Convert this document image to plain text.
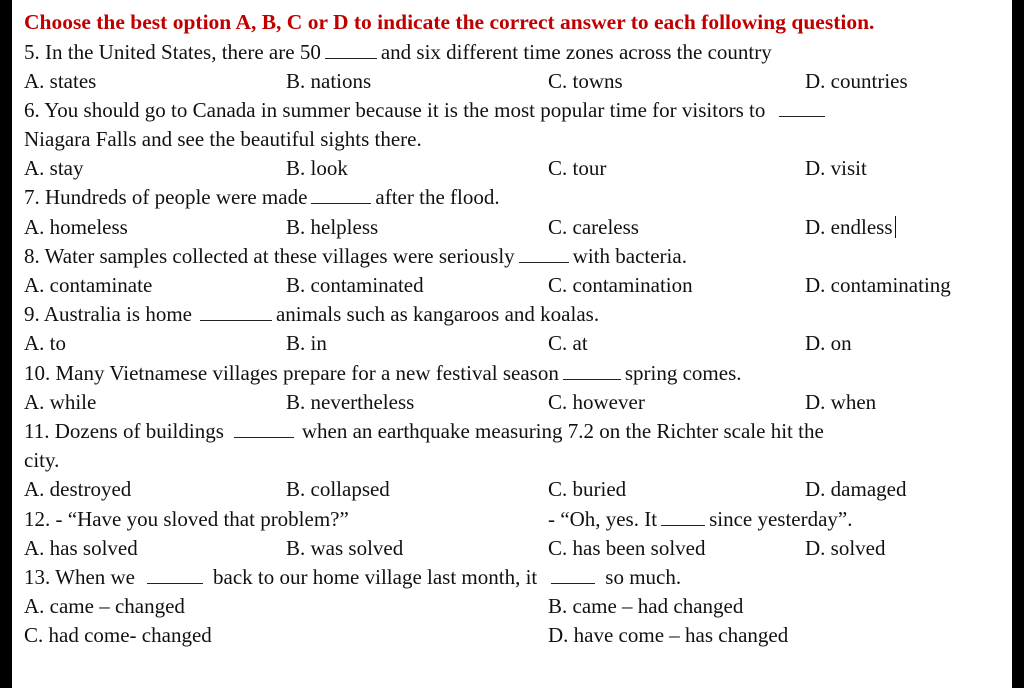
Choose the best option A, B, C or D to indicate the correct answer to each following question.

5. In the United States, there are 50	and six different time zones across the country
A. states	B. nations	C. towns	D. countries
6. You should go to Canada in summer because it is the most popular time for visitors to
Niagara Falls and see the beautiful sights there.
A. stay	B. look	C. tour	D. visit
7. Hundreds of people were made	after the flood.
A. homeless	B. helpless	C. careless	D. endless
8. Water samples collected at these villages were seriously	with bacteria.
A. contaminate	B. contaminated	C. contamination	D. contaminating
9. Australia is home	animals such as kangaroos and koalas.
A. to	B. in	C. at	D. on
10. Many Vietnamese villages prepare for a new festival season	spring comes.
A. while	B. nevertheless	C. however	D. when
11. Dozens of buildings	when an earthquake measuring 7.2 on the Richter scale hit the
city.
A. destroyed	B. collapsed	C. buried	D. damaged
12. - “Have you sloved that problem?”	- “Oh, yes. It since yesterday”.
A. has solved	B. was solved	C. has been solved	D. solved
13. When we	back to our home village last month, it	so much.
A. came – changed	B. came – had changed
C. had come- changed	D. have come – has changed
